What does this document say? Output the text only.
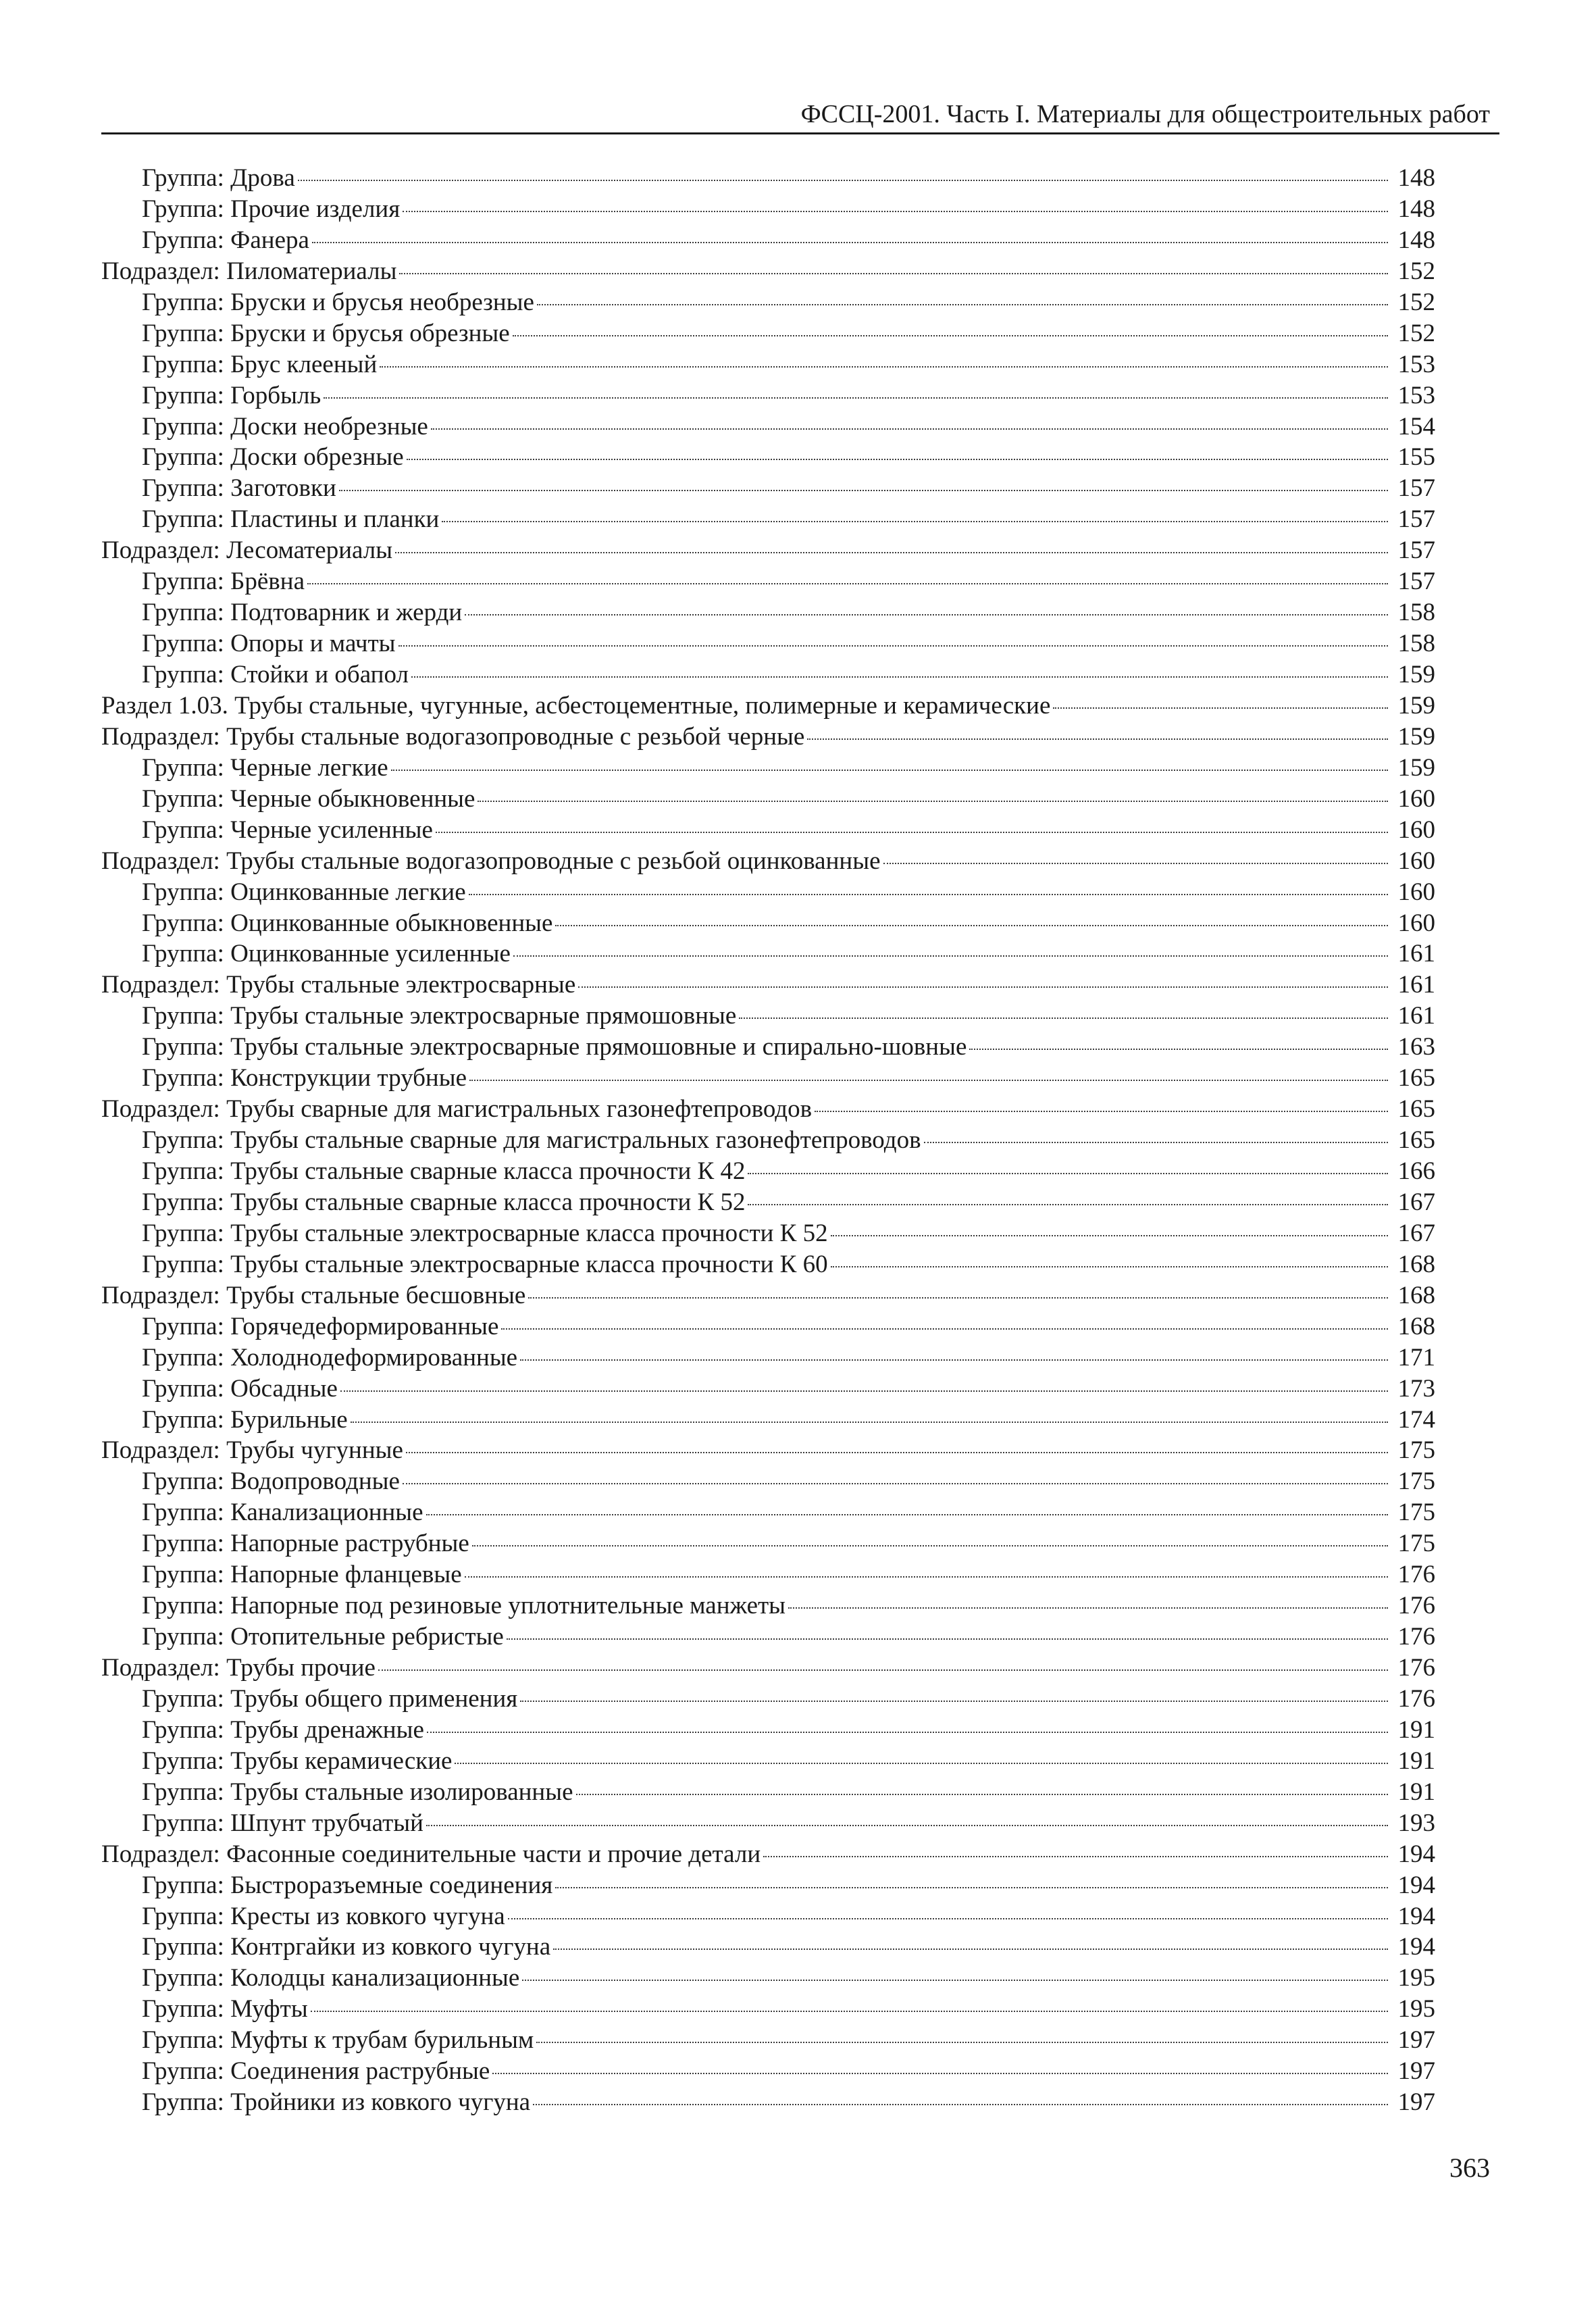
ФССЦ-2001. Часть I. Материалы для общестроительных работ
Группа: Дрова	148
Группа: Прочие изделия	148
Группа: Фанера	148
Подраздел: Пиломатериалы	152
Группа: Бруски и брусья необрезные	152
Группа: Бруски и брусья обрезные	152
Группа: Брус клееный	153
Группа: Горбыль	153
Группа: Доски необрезные	154
Группа: Доски обрезные	155
Группа: Заготовки	157
Группа: Пластины и планки	157
Подраздел: Лесоматериалы	157
Группа: Брёвна	157
Группа: Подтоварник и жерди	158
Группа: Опоры и мачты	158
Группа: Стойки и обапол	159
Раздел 1.03. Трубы стальные, чугунные, асбестоцементные, полимерные и керамические	159
Подраздел: Трубы стальные водогазопроводные с резьбой черные	159
Группа: Черные легкие	159
Группа: Черные обыкновенные	160
Группа: Черные усиленные	160
Подраздел: Трубы стальные водогазопроводные с резьбой оцинкованные	160
Группа: Оцинкованные легкие	160
Группа: Оцинкованные обыкновенные	160
Группа: Оцинкованные усиленные	161
Подраздел: Трубы стальные электросварные	161
Группа: Трубы стальные электросварные прямошовные	161
Группа: Трубы стальные электросварные прямошовные и спирально-шовные	163
Группа: Конструкции трубные	165
Подраздел: Трубы сварные для магистральных газонефтепроводов	165
Группа: Трубы стальные сварные для магистральных газонефтепроводов	165
Группа: Трубы стальные сварные класса прочности К 42	166
Группа: Трубы стальные сварные класса прочности К 52	167
Группа: Трубы стальные электросварные класса прочности К 52	167
Группа: Трубы стальные электросварные класса прочности К 60	168
Подраздел: Трубы стальные бесшовные	168
Группа: Горячедеформированные	168
Группа: Холоднодеформированные	171
Группа: Обсадные	173
Группа: Бурильные	174
Подраздел: Трубы чугунные	175
Группа: Водопроводные	175
Группа: Канализационные	175
Группа: Напорные раструбные	175
Группа: Напорные фланцевые	176
Группа: Напорные под резиновые уплотнительные манжеты	176
Группа: Отопительные ребристые	176
Подраздел: Трубы прочие	176
Группа: Трубы общего применения	176
Группа: Трубы дренажные	191
Группа: Трубы керамические	191
Группа: Трубы стальные изолированные	191
Группа: Шпунт трубчатый	193
Подраздел: Фасонные соединительные части и прочие детали	194
Группа: Быстроразъемные соединения	194
Группа: Кресты из ковкого чугуна	194
Группа: Контргайки из ковкого чугуна	194
Группа: Колодцы канализационные	195
Группа: Муфты	195
Группа: Муфты к трубам бурильным	197
Группа: Соединения раструбные	197
Группа: Тройники из ковкого чугуна	197
363
